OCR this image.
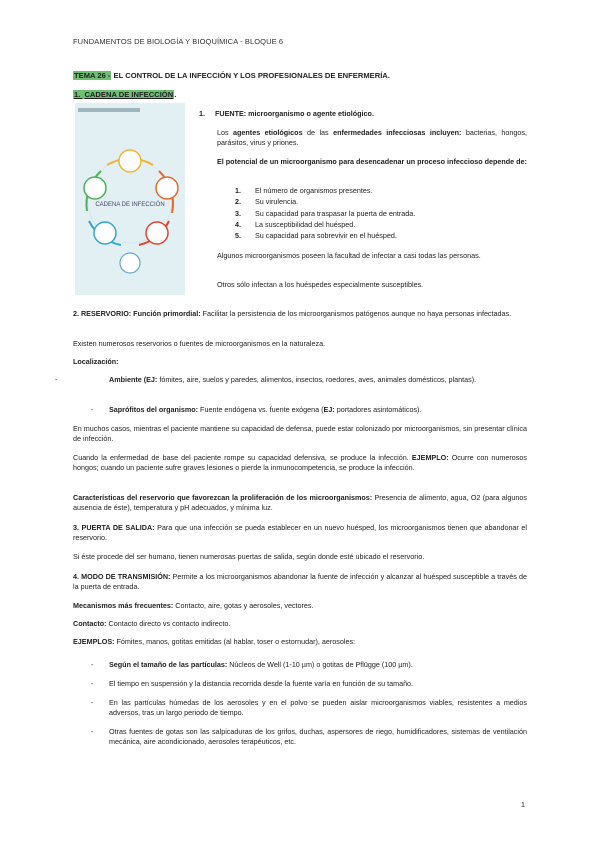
FUNDAMENTOS DE BIOLOGÍA Y BIOQUÍMICA - BLOQUE 6
TEMA 26 - EL CONTROL DE LA INFECCIÓN Y LOS PROFESIONALES DE ENFERMERÍA.
1. CADENA DE INFECCIÓN.
CADENA DE INFECCIÓN
1. FUENTE: microorganismo o agente etiológico.
Los agentes etiológicos de las enfermedades infecciosas incluyen: bacterias, hongos, parásitos, virus y priones.
El potencial de un microorganismo para desencadenar un proceso infeccioso depende de:
1. El número de organismos presentes.
2. Su virulencia.
3. Su capacidad para traspasar la puerta de entrada.
4. La susceptibilidad del huésped.
5. Su capacidad para sobrevivir en el huésped.
Algunos microorganismos poseen la facultad de infectar a casi todas las personas.
Otros sólo infectan a los huéspedes especialmente susceptibles.
2. RESERVORIO: Función primordial: Facilitar la persistencia de los microorganismos patógenos aunque no haya personas infectadas.
Existen numerosos reservorios o fuentes de microorganismos en la naturaleza.
Localización:
-	Ambiente (EJ: fómites, aire, suelos y paredes, alimentos, insectos, roedores, aves, animales domésticos, plantas).
- Saprófitos del organismo: Fuente endógena vs. fuente exógena (EJ: portadores asintomáticos).
En muchos casos, mientras el paciente mantiene su capacidad de defensa, puede estar colonizado por microorganismos, sin presentar clínica de infección.
Cuando la enfermedad de base del paciente rompe su capacidad defensiva, se produce la infección. EJEMPLO: Ocurre con numerosos hongos; cuando un paciente sufre graves lesiones o pierde la inmunocompetencia, se produce la infección.
Características del reservorio que favorezcan la proliferación de los microorganismos: Presencia de alimento, agua, O2 (para algunos ausencia de éste), temperatura y pH adecuados, y mínima luz.
3. PUERTA DE SALIDA: Para que una infección se pueda establecer en un nuevo huésped, los microorganismos tienen que abandonar el reservorio.
Si éste procede del ser humano, tienen numerosas puertas de salida, según donde esté ubicado el reservorio.
4. MODO DE TRANSMISIÓN: Permite a los microorganismos abandonar la fuente de infección y alcanzar al huésped susceptible a través de la puerta de entrada.
Mecanismos más frecuentes: Contacto, aire, gotas y aerosoles, vectores.
Contacto: Contacto directo vs contacto indirecto.
EJEMPLOS: Fómites, manos, gotitas emitidas (al hablar, toser o estornudar), aerosoles:
- Según el tamaño de las partículas: Núcleos de Well (1-10 µm) o gotitas de Pflügge (100 µm).
- El tiempo en suspensión y la distancia recorrida desde la fuente varía en función de su tamaño.
- En las partículas húmedas de los aerosoles y en el polvo se pueden aislar microorganismos viables, resistentes a medios adversos, tras un largo periodo de tiempo.
- Otras fuentes de gotas son las salpicaduras de los grifos, duchas, aspersores de riego, humidificadores, sistemas de ventilación mecánica, aire acondicionado, aerosoles terapéuticos, etc.
1
